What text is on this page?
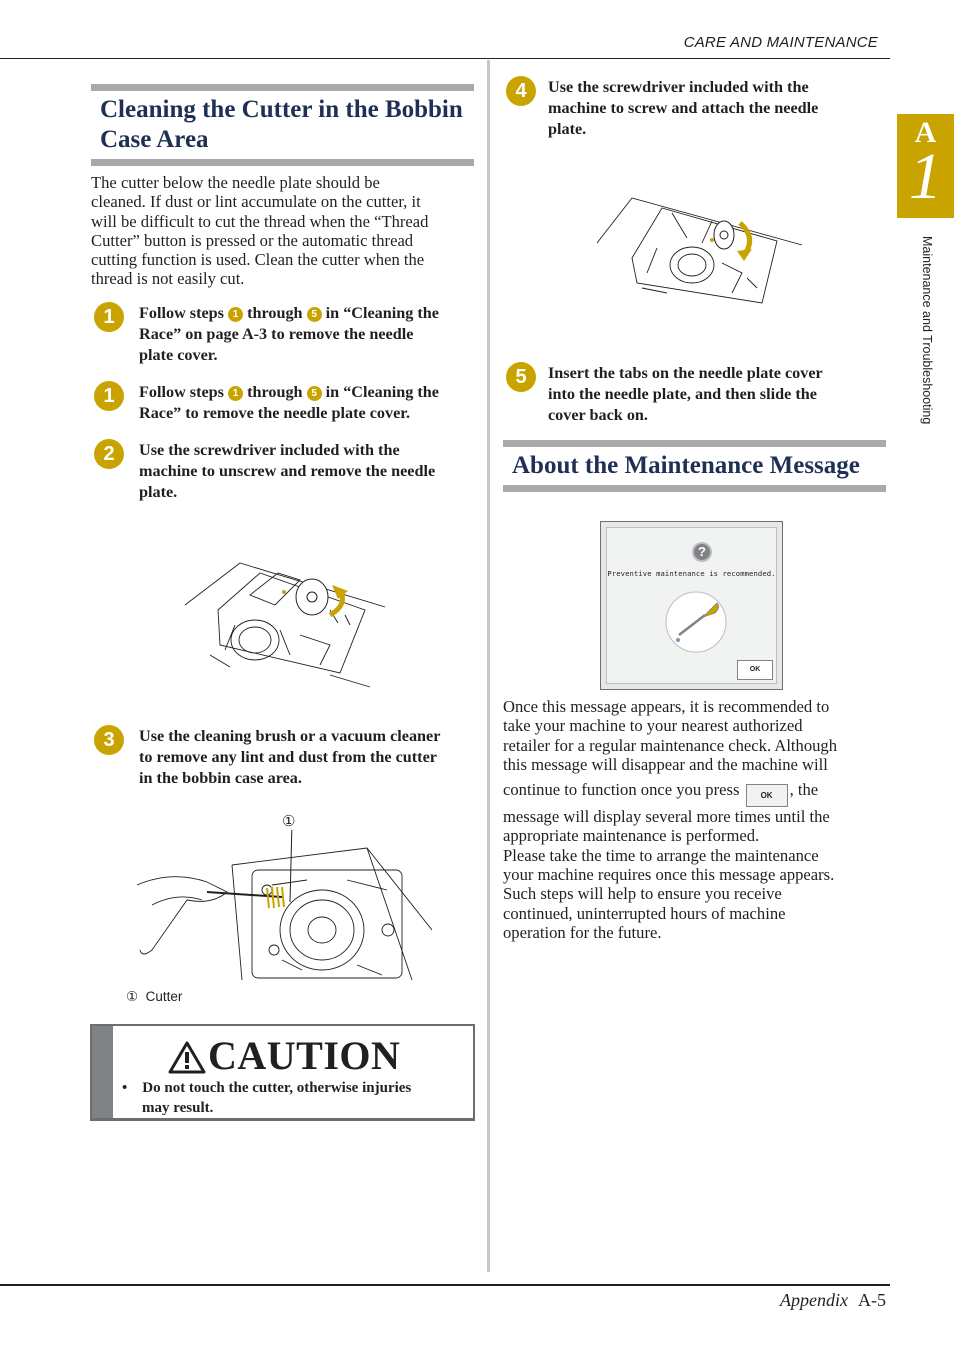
CARE AND MAINTENANCE
A
1
Maintenance and Troubleshooting
Cleaning the Cutter in the Bobbin Case Area
The cutter below the needle plate should be
cleaned. If dust or lint accumulate on the cutter, it
will be difficult to cut the thread when the “Thread
Cutter” button is pressed or the automatic thread
cutting function is used. Clean the cutter when the
thread is not easily cut.
1	Follow steps 1 through 5 in “Cleaning the
Race” on page A-3 to remove the needle
plate cover.
1	Follow steps 1 through 5 in “Cleaning the
Race” to remove the needle plate cover.
2	Use the screwdriver included with the
machine to unscrew and remove the needle
plate.
3	Use the cleaning brush or a vacuum cleaner
to remove any lint and dust from the cutter
in the bobbin case area.
①
① Cutter
CAUTION
• Do not touch the cutter, otherwise injuries
may result.
4	Use the screwdriver included with the
machine to screw and attach the needle
plate.
5	Insert the tabs on the needle plate cover
into the needle plate, and then slide the
cover back on.
About the Maintenance Message
?
Preventive maintenance is recommended.
OK
Once this message appears, it is recommended to
take your machine to your nearest authorized
retailer for a regular maintenance check. Although
this message will disappear and the machine will
continue to function once you press	OK , the
message will display several more times until the
appropriate maintenance is performed.
Please take the time to arrange the maintenance
your machine requires once this message appears.
Such steps will help to ensure you receive
continued, uninterrupted hours of machine
operation for the future.
Appendix A-5
